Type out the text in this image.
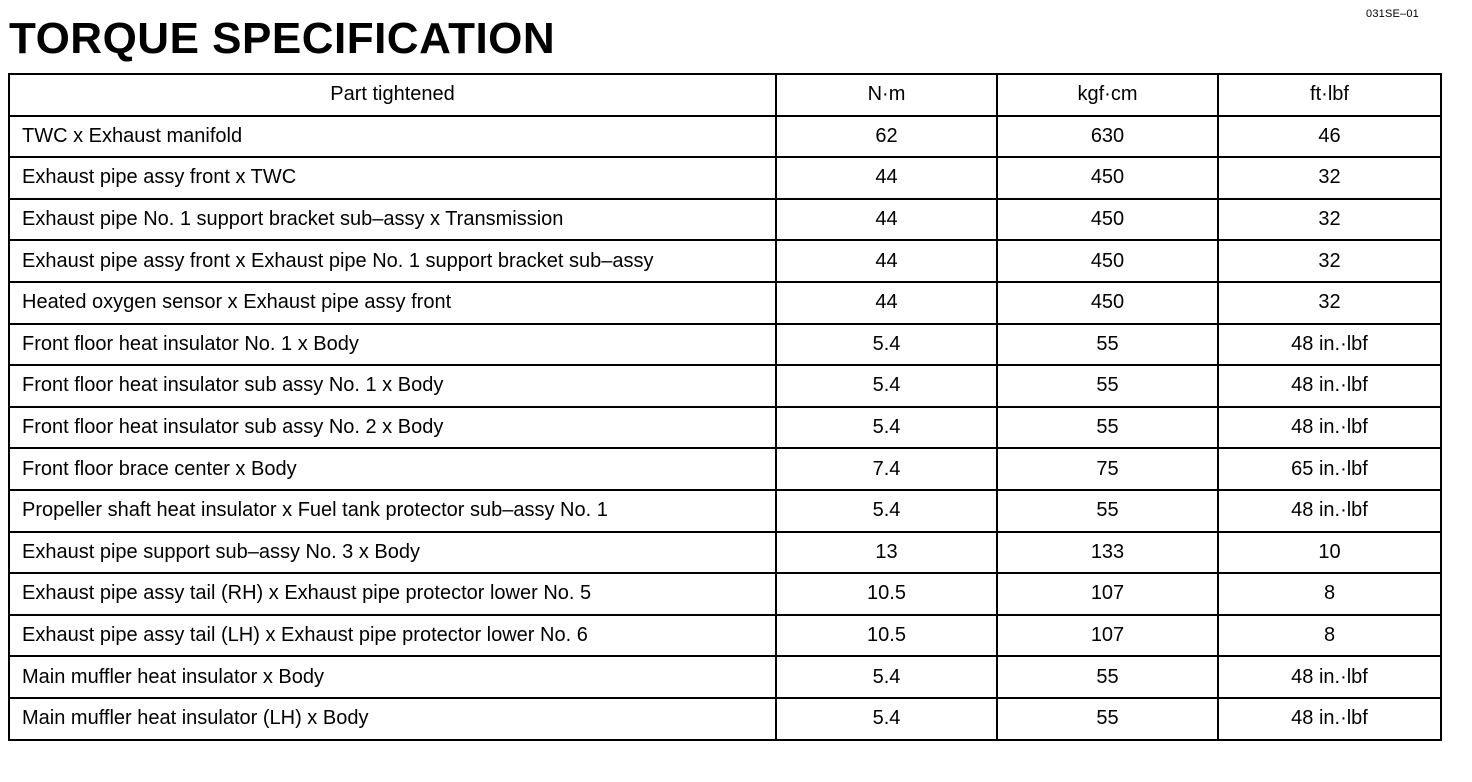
031SE–01
TORQUE SPECIFICATION
Part tightened	N·m	kgf·cm	ft·lbf
TWC x Exhaust manifold	62	630	46
Exhaust pipe assy front x TWC	44	450	32
Exhaust pipe No. 1 support bracket sub–assy x Transmission	44	450	32
Exhaust pipe assy front x Exhaust pipe No. 1 support bracket sub–assy	44	450	32
Heated oxygen sensor x Exhaust pipe assy front	44	450	32
Front floor heat insulator No. 1 x Body	5.4	55	48 in.·lbf
Front floor heat insulator sub assy No. 1 x Body	5.4	55	48 in.·lbf
Front floor heat insulator sub assy No. 2 x Body	5.4	55	48 in.·lbf
Front floor brace center x Body	7.4	75	65 in.·lbf
Propeller shaft heat insulator x Fuel tank protector sub–assy No. 1	5.4	55	48 in.·lbf
Exhaust pipe support sub–assy No. 3 x Body	13	133	10
Exhaust pipe assy tail (RH) x Exhaust pipe protector lower No. 5	10.5	107	8
Exhaust pipe assy tail (LH) x Exhaust pipe protector lower No. 6	10.5	107	8
Main muffler heat insulator x Body	5.4	55	48 in.·lbf
Main muffler heat insulator (LH) x Body	5.4	55	48 in.·lbf
